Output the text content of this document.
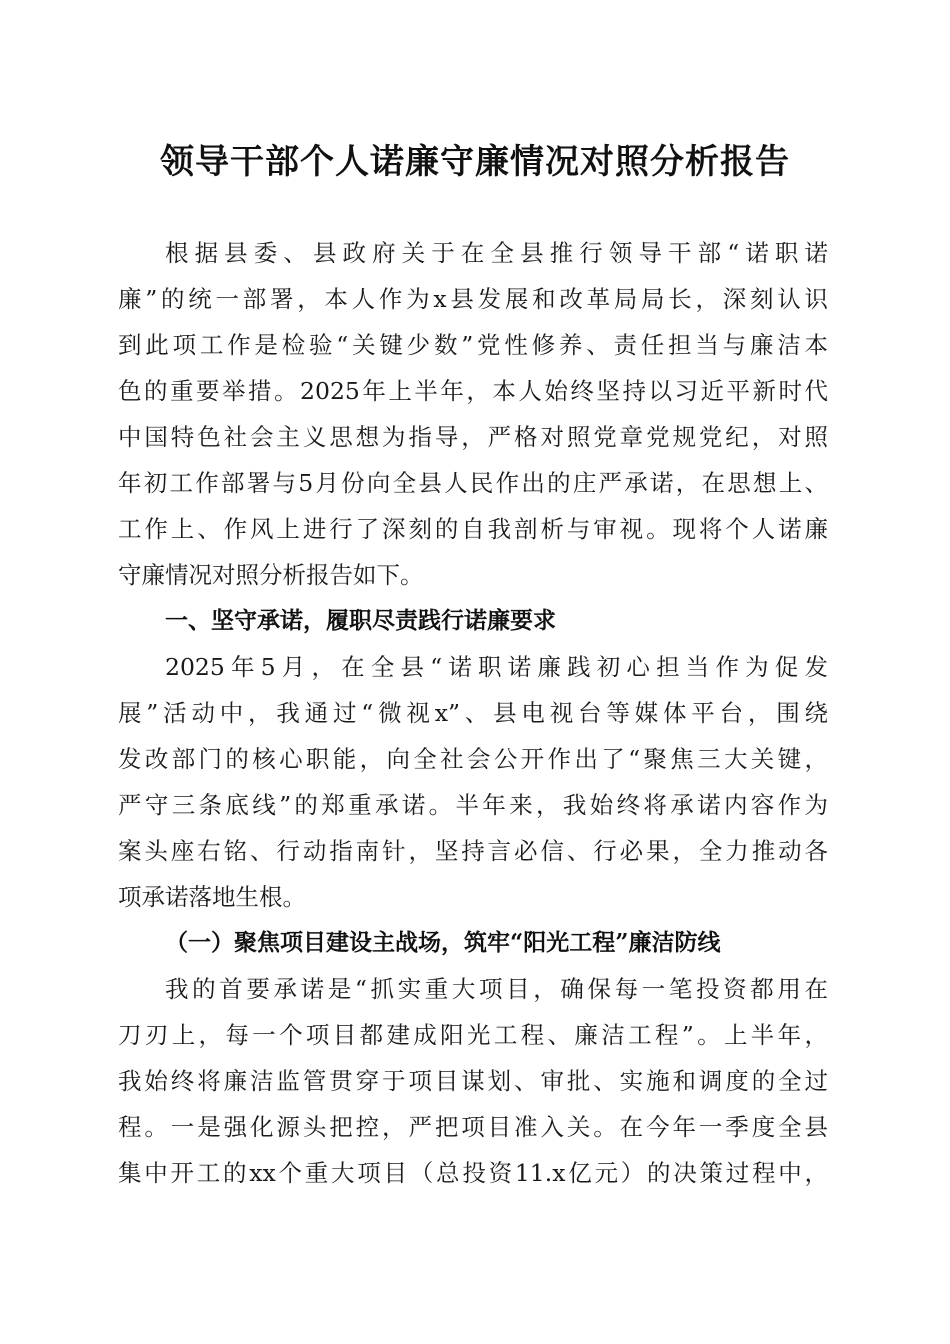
领导干部个人诺廉守廉情况对照分析报告
根据县委、县政府关于在全县推行领导干部“诺职诺
廉”的统一部署，本人作为x县发展和改革局局长，深刻认识
到此项工作是检验“关键少数”党性修养、责任担当与廉洁本
色的重要举措。2025年上半年，本人始终坚持以习近平新时代
中国特色社会主义思想为指导，严格对照党章党规党纪，对照
年初工作部署与5月份向全县人民作出的庄严承诺，在思想上、
工作上、作风上进行了深刻的自我剖析与审视。现将个人诺廉
守廉情况对照分析报告如下。
一、坚守承诺，履职尽责践行诺廉要求
2025年5月，在全县“诺职诺廉践初心担当作为促发
展”活动中，我通过“微视x”、县电视台等媒体平台，围绕
发改部门的核心职能，向全社会公开作出了“聚焦三大关键，
严守三条底线”的郑重承诺。半年来，我始终将承诺内容作为
案头座右铭、行动指南针，坚持言必信、行必果，全力推动各
项承诺落地生根。
（一）聚焦项目建设主战场，筑牢“阳光工程”廉洁防线
我的首要承诺是“抓实重大项目，确保每一笔投资都用在
刀刃上，每一个项目都建成阳光工程、廉洁工程”。上半年，
我始终将廉洁监管贯穿于项目谋划、审批、实施和调度的全过
程。一是强化源头把控，严把项目准入关。在今年一季度全县
集中开工的xx个重大项目（总投资11.x亿元）的决策过程中，
